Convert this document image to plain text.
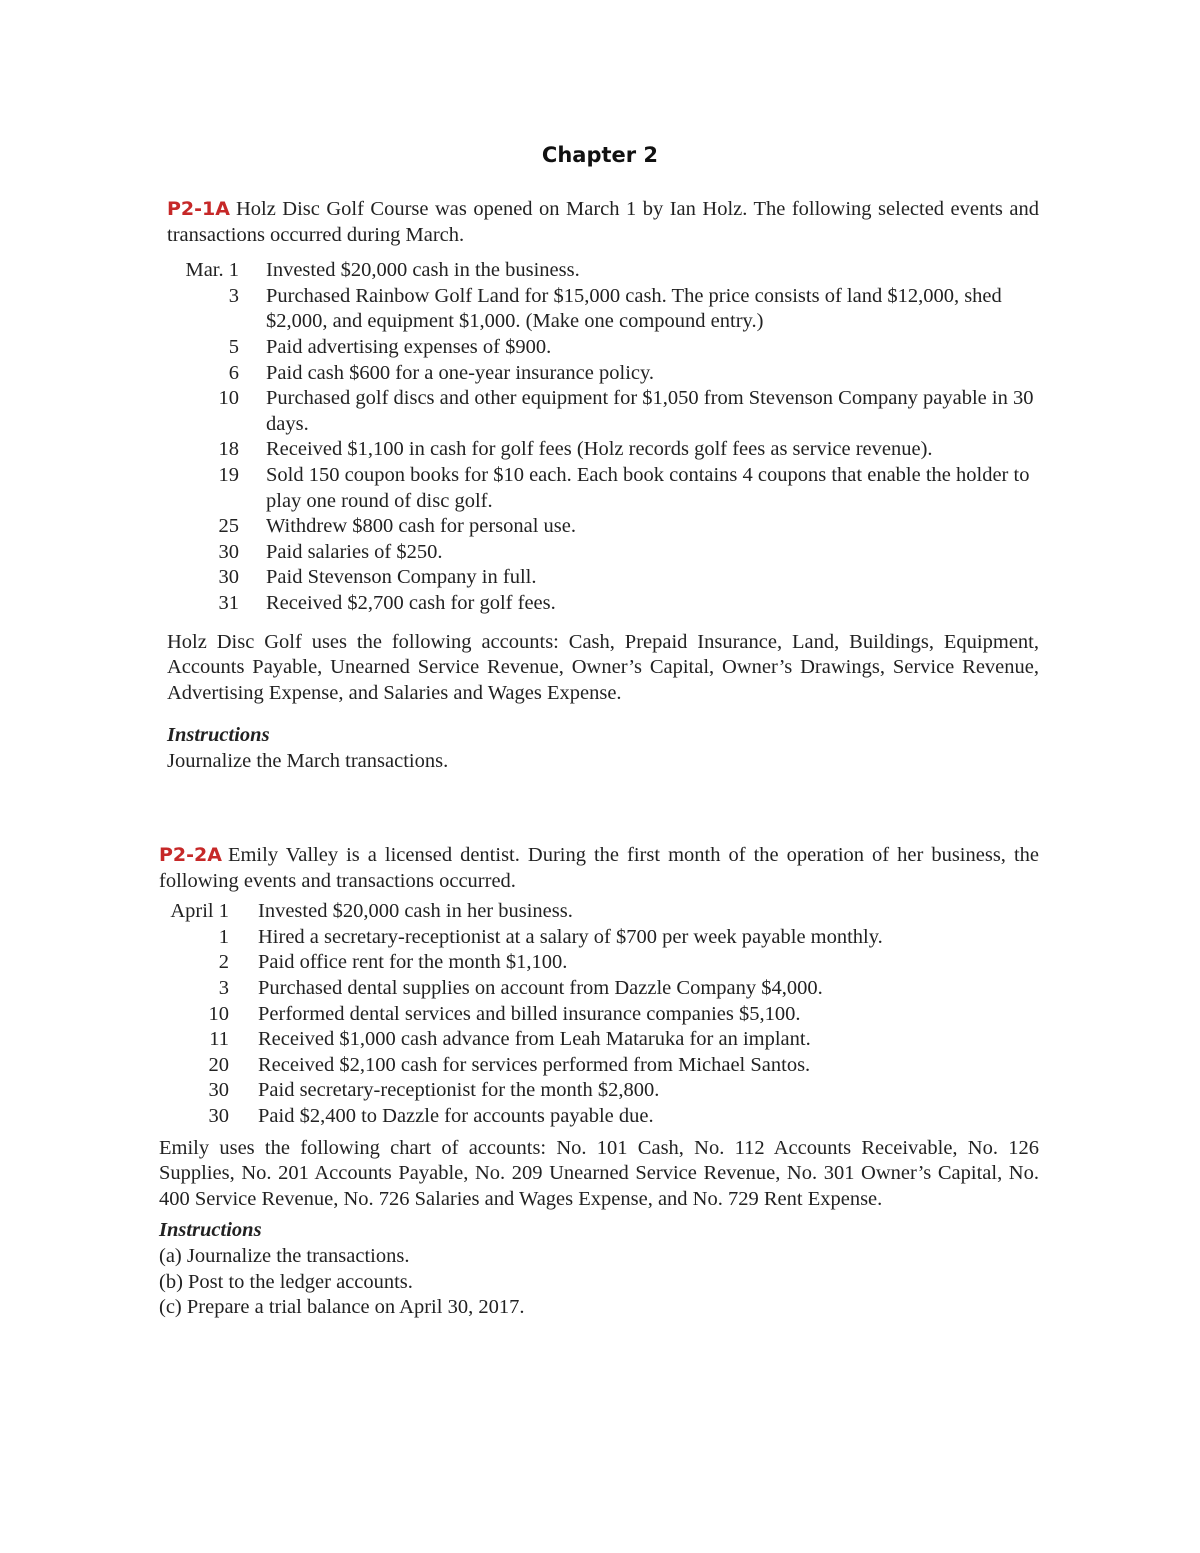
Chapter 2

P2-1A Holz Disc Golf Course was opened on March 1 by Ian Holz. The following selected events and transactions occurred during March.

Mar. 1 Invested $20,000 cash in the business.
3 Purchased Rainbow Golf Land for $15,000 cash. The price consists of land $12,000, shed $2,000, and equipment $1,000. (Make one compound entry.)
5 Paid advertising expenses of $900.
6 Paid cash $600 for a one-year insurance policy.
10 Purchased golf discs and other equipment for $1,050 from Stevenson Company payable in 30 days.
18 Received $1,100 in cash for golf fees (Holz records golf fees as service revenue).
19 Sold 150 coupon books for $10 each. Each book contains 4 coupons that enable the holder to play one round of disc golf.
25 Withdrew $800 cash for personal use.
30 Paid salaries of $250.
30 Paid Stevenson Company in full.
31 Received $2,700 cash for golf fees.

Holz Disc Golf uses the following accounts: Cash, Prepaid Insurance, Land, Buildings, Equipment, Accounts Payable, Unearned Service Revenue, Owner’s Capital, Owner’s Drawings, Service Revenue, Advertising Expense, and Salaries and Wages Expense.

Instructions

Journalize the March transactions.

P2-2A Emily Valley is a licensed dentist. During the first month of the operation of her business, the following events and transactions occurred.

April 1 Invested $20,000 cash in her business.
1 Hired a secretary-receptionist at a salary of $700 per week payable monthly.
2 Paid office rent for the month $1,100.
3 Purchased dental supplies on account from Dazzle Company $4,000.
10 Performed dental services and billed insurance companies $5,100.
11 Received $1,000 cash advance from Leah Mataruka for an implant.
20 Received $2,100 cash for services performed from Michael Santos.
30 Paid secretary-receptionist for the month $2,800.
30 Paid $2,400 to Dazzle for accounts payable due.

Emily uses the following chart of accounts: No. 101 Cash, No. 112 Accounts Receivable, No. 126 Supplies, No. 201 Accounts Payable, No. 209 Unearned Service Revenue, No. 301 Owner’s Capital, No. 400 Service Revenue, No. 726 Salaries and Wages Expense, and No. 729 Rent Expense.

Instructions

(a) Journalize the transactions.

(b) Post to the ledger accounts.

(c) Prepare a trial balance on April 30, 2017.
